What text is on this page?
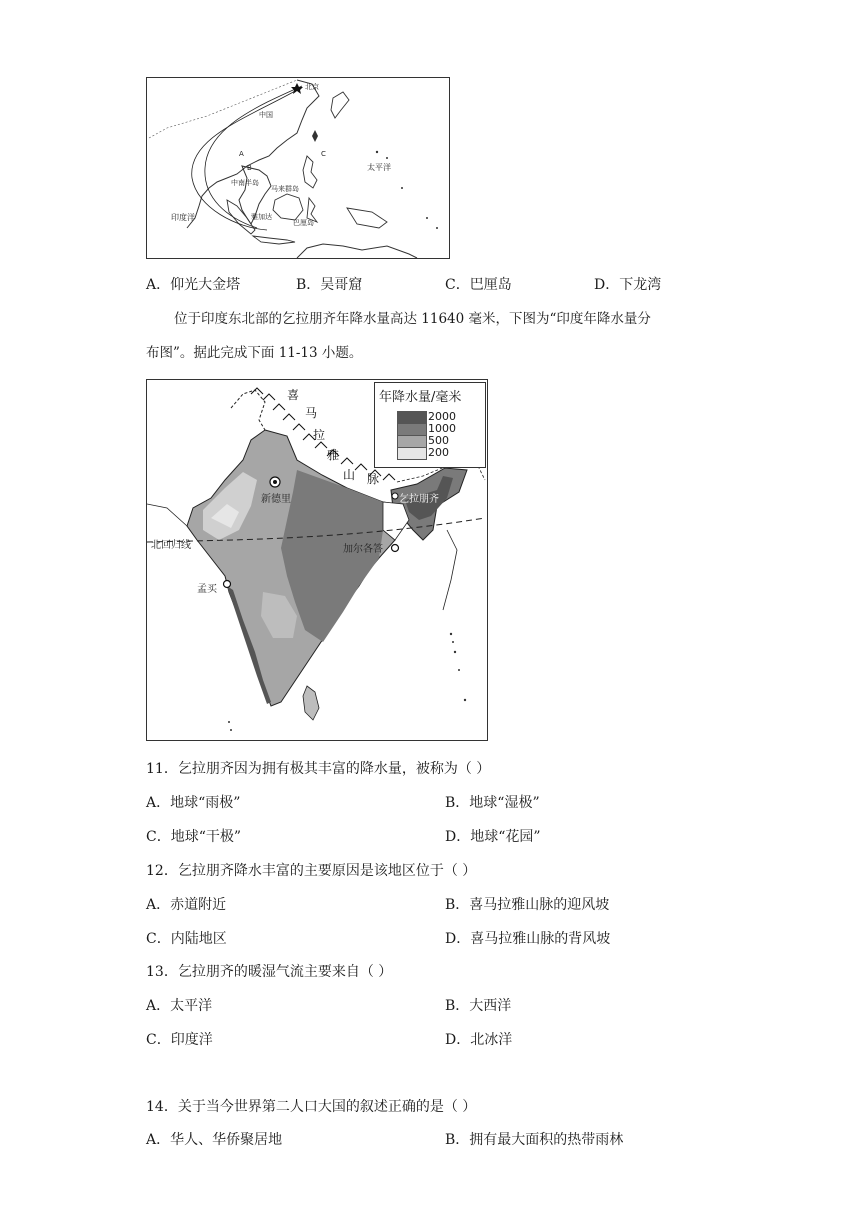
北京
中国
太平洋
印度洋	雅加达
巴厘岛
A
B
C
中南半岛
马来群岛
A．仰光大金塔	B．吴哥窟	C．巴厘岛	D．下龙湾
位于印度东北部的乞拉朋齐年降水量高达 11640 毫米，下图为“印度年降水量分
布图”。据此完成下面 11-13 小题。
喜
马
拉
雅
山 脉
新德里	乞拉朋齐
加尔各答
北回归线
孟买
年降水量/毫米
2000
1000
500
200
11．乞拉朋齐因为拥有极其丰富的降水量，被称为（ ）
A．地球“雨极”	B．地球“湿极”
C．地球“干极”	D．地球“花园”
12．乞拉朋齐降水丰富的主要原因是该地区位于（ ）
A．赤道附近	B．喜马拉雅山脉的迎风坡
C．内陆地区	D．喜马拉雅山脉的背风坡
13．乞拉朋齐的暖湿气流主要来自（ ）
A．太平洋	B．大西洋
C．印度洋	D．北冰洋
14．关于当今世界第二人口大国的叙述正确的是（ ）
A．华人、华侨聚居地	B．拥有最大面积的热带雨林
